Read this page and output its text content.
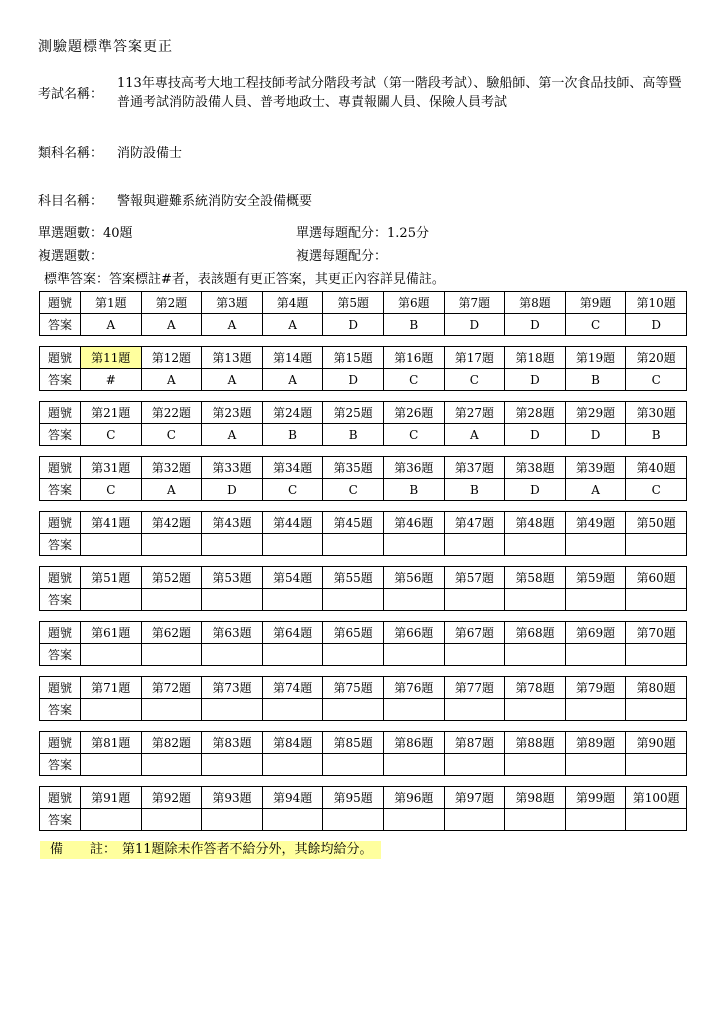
測驗題標準答案更正
考試名稱：
113年專技高考大地工程技師考試分階段考試（第一階段考試）、驗船師、第一次食品技師、高等暨普通考試消防設備人員、普考地政士、專責報關人員、保險人員考試
類科名稱： 消防設備士
科目名稱： 警報與避難系統消防安全設備概要
單選題數：40題	單選每題配分：1.25分
複選題數：	複選每題配分：
標準答案：答案標註#者，表該題有更正答案，其更正內容詳見備註。
題號	第1題	第2題	第3題	第4題	第5題	第6題	第7題	第8題	第9題	第10題
答案	A	A	A	A	D	B	D	D	C	D
題號	第11題	第12題	第13題	第14題	第15題	第16題	第17題	第18題	第19題	第20題
答案	#	A	A	A	D	C	C	D	B	C
題號	第21題	第22題	第23題	第24題	第25題	第26題	第27題	第28題	第29題	第30題
答案	C	C	A	B	B	C	A	D	D	B
題號	第31題	第32題	第33題	第34題	第35題	第36題	第37題	第38題	第39題	第40題
答案	C	A	D	C	C	B	B	D	A	C
題號	第41題	第42題	第43題	第44題	第45題	第46題	第47題	第48題	第49題	第50題
答案										
題號	第51題	第52題	第53題	第54題	第55題	第56題	第57題	第58題	第59題	第60題
答案										
題號	第61題	第62題	第63題	第64題	第65題	第66題	第67題	第68題	第69題	第70題
答案										
題號	第71題	第72題	第73題	第74題	第75題	第76題	第77題	第78題	第79題	第80題
答案										
題號	第81題	第82題	第83題	第84題	第85題	第86題	第87題	第88題	第89題	第90題
答案										
題號	第91題	第92題	第93題	第94題	第95題	第96題	第97題	第98題	第99題	第100題
答案										
備 註： 第11題除未作答者不給分外，其餘均給分。
